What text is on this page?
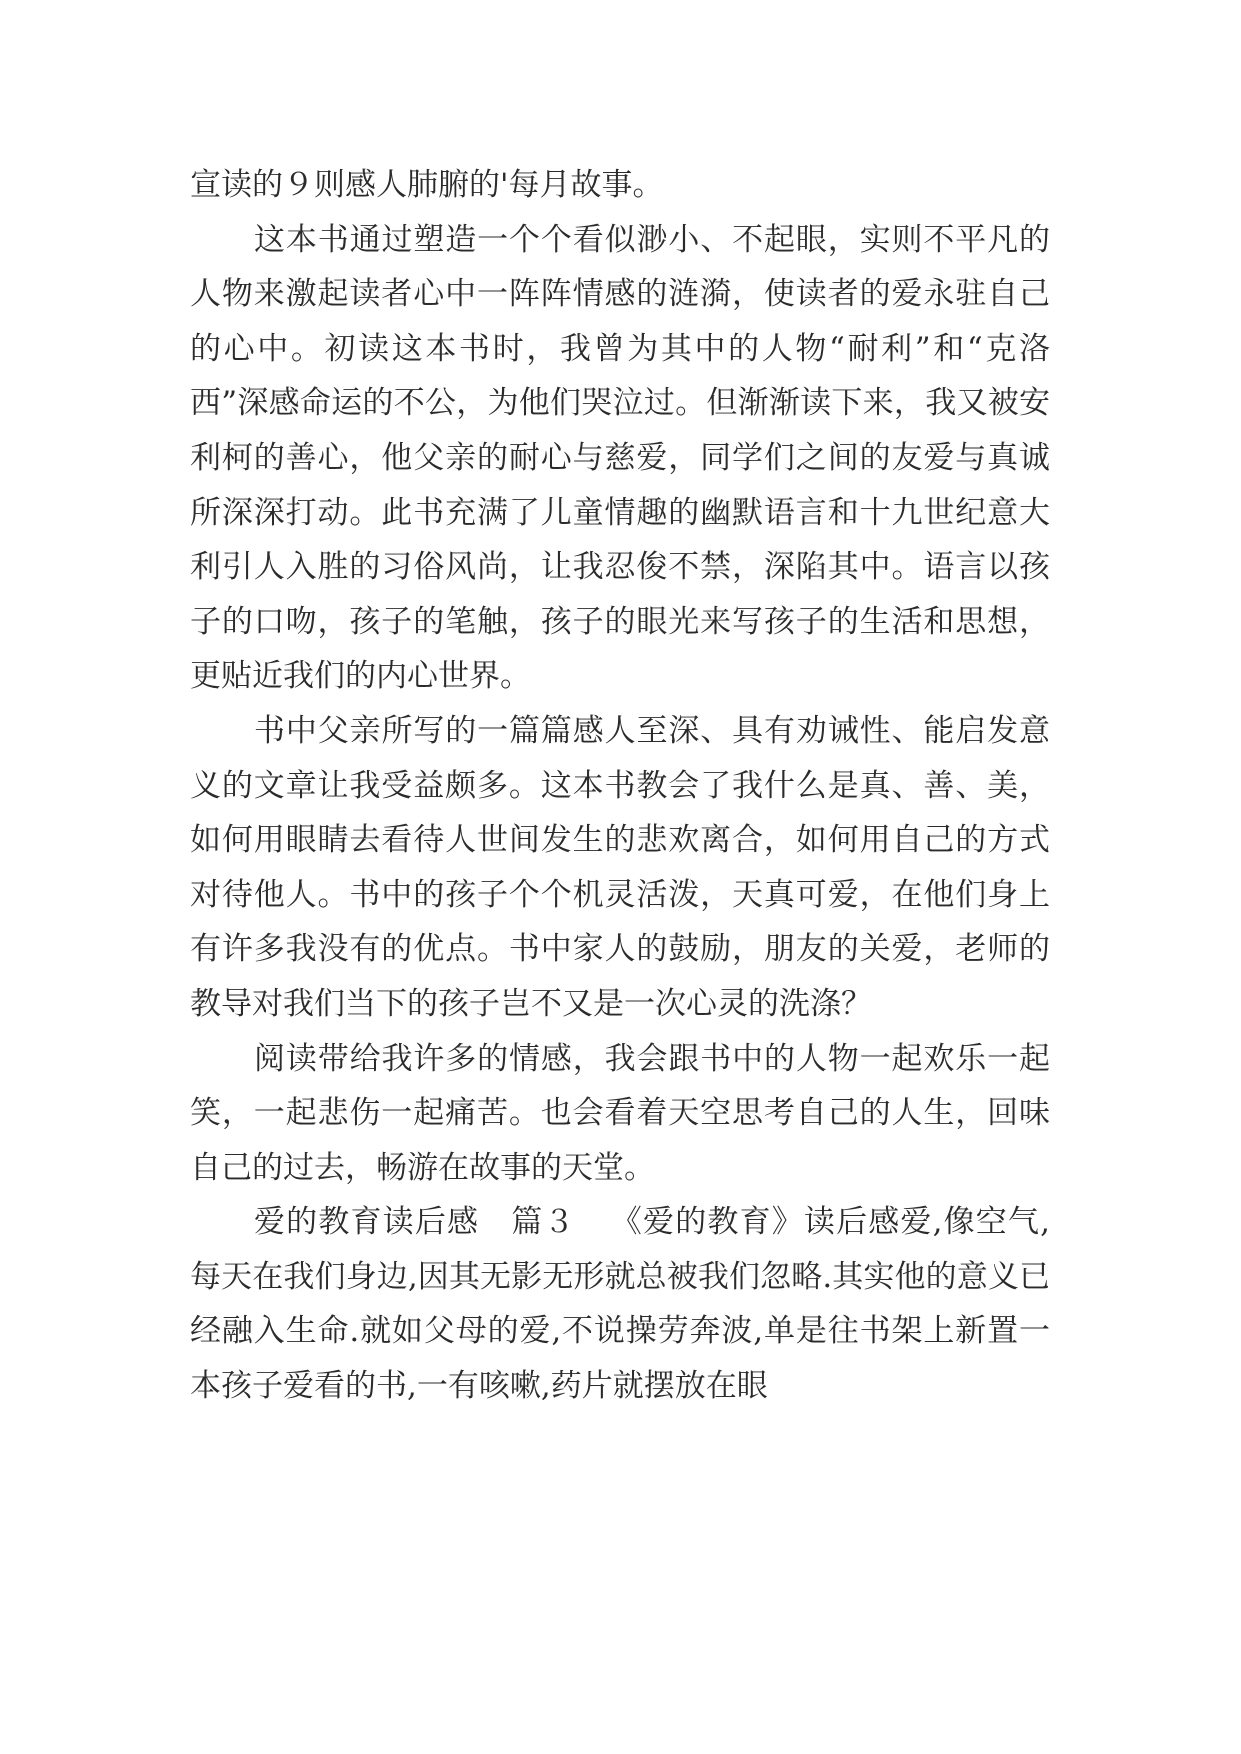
宣读的９则感人肺腑的'每月故事。

这本书通过塑造一个个看似渺小、不起眼，实则不平凡的人物来激起读者心中一阵阵情感的涟漪，使读者的爱永驻自己的心中。初读这本书时，我曾为其中的人物“耐利”和“克洛西”深感命运的不公，为他们哭泣过。但渐渐读下来，我又被安利柯的善心，他父亲的耐心与慈爱，同学们之间的友爱与真诚所深深打动。此书充满了儿童情趣的幽默语言和十九世纪意大利引人入胜的习俗风尚，让我忍俊不禁，深陷其中。语言以孩子的口吻，孩子的笔触，孩子的眼光来写孩子的生活和思想，更贴近我们的内心世界。

书中父亲所写的一篇篇感人至深、具有劝诫性、能启发意义的文章让我受益颇多。这本书教会了我什么是真、善、美，如何用眼睛去看待人世间发生的悲欢离合，如何用自己的方式对待他人。书中的孩子个个机灵活泼，天真可爱，在他们身上有许多我没有的优点。书中家人的鼓励，朋友的关爱，老师的教导对我们当下的孩子岂不又是一次心灵的洗涤？

阅读带给我许多的情感，我会跟书中的人物一起欢乐一起笑，一起悲伤一起痛苦。也会看着天空思考自己的人生，回味自己的过去，畅游在故事的天堂。

爱的教育读后感　篇３ 《爱的教育》读后感爱,像空气,每天在我们身边,因其无影无形就总被我们忽略.其实他的意义已经融入生命.就如父母的爱,不说操劳奔波,单是往书架上新置一本孩子爱看的书,一有咳嗽,药片就摆放在眼
